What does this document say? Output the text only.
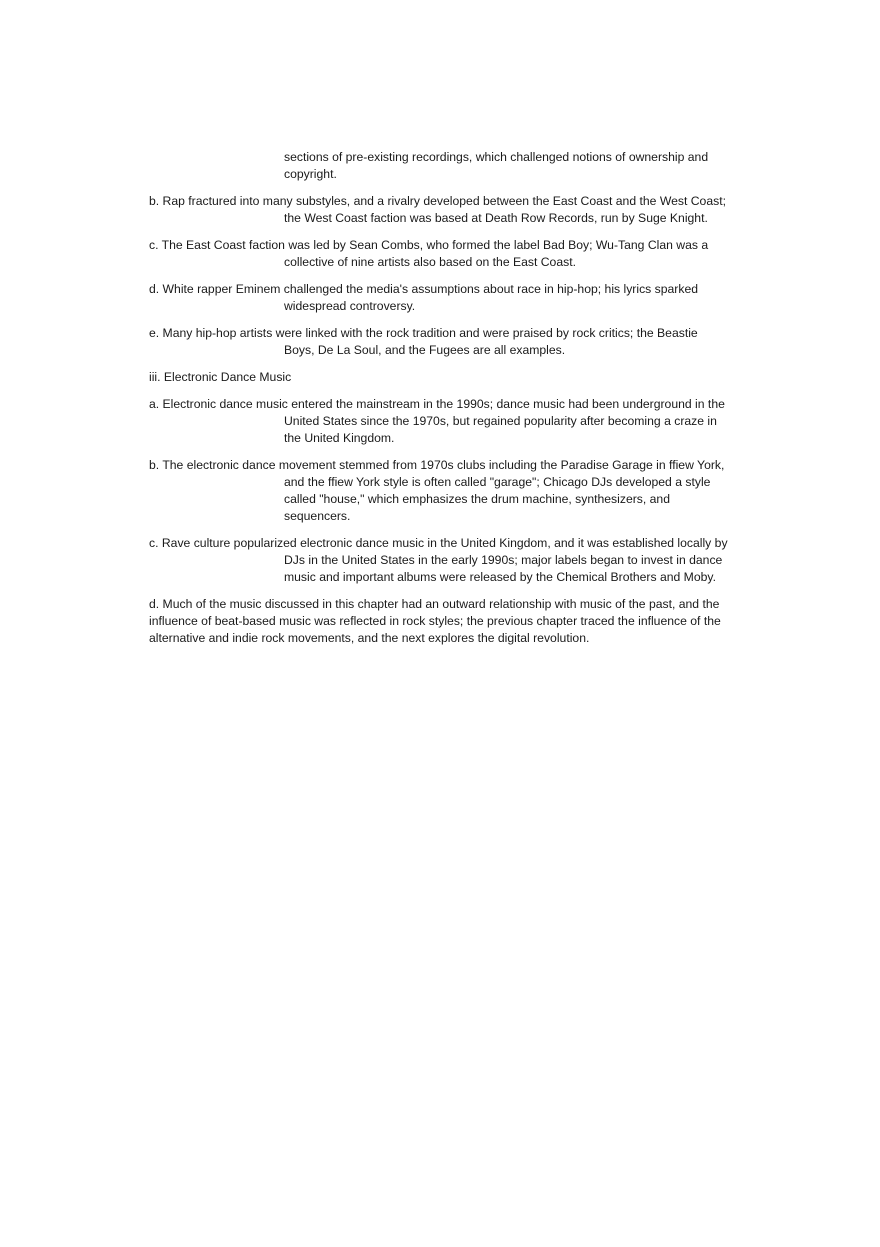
sections of pre-existing recordings, which challenged notions of ownership and copyright.

b. Rap fractured into many substyles, and a rivalry developed between the East Coast and the West Coast; the West Coast faction was based at Death Row Records, run by Suge Knight.

c. The East Coast faction was led by Sean Combs, who formed the label Bad Boy; Wu-Tang Clan was a collective of nine artists also based on the East Coast.

d. White rapper Eminem challenged the media's assumptions about race in hip-hop; his lyrics sparked widespread controversy.

e. Many hip-hop artists were linked with the rock tradition and were praised by rock critics; the Beastie Boys, De La Soul, and the Fugees are all examples.

iii. Electronic Dance Music

a. Electronic dance music entered the mainstream in the 1990s; dance music had been underground in the United States since the 1970s, but regained popularity after becoming a craze in the United Kingdom.

b. The electronic dance movement stemmed from 1970s clubs including the Paradise Garage in ffiew York, and the ffiew York style is often called "garage"; Chicago DJs developed a style called "house," which emphasizes the drum machine, synthesizers, and sequencers.

c. Rave culture popularized electronic dance music in the United Kingdom, and it was established locally by DJs in the United States in the early 1990s; major labels began to invest in dance music and important albums were released by the Chemical Brothers and Moby.

d. Much of the music discussed in this chapter had an outward relationship with music of the past, and the influence of beat-based music was reflected in rock styles; the previous chapter traced the influence of the alternative and indie rock movements, and the next explores the digital revolution.
